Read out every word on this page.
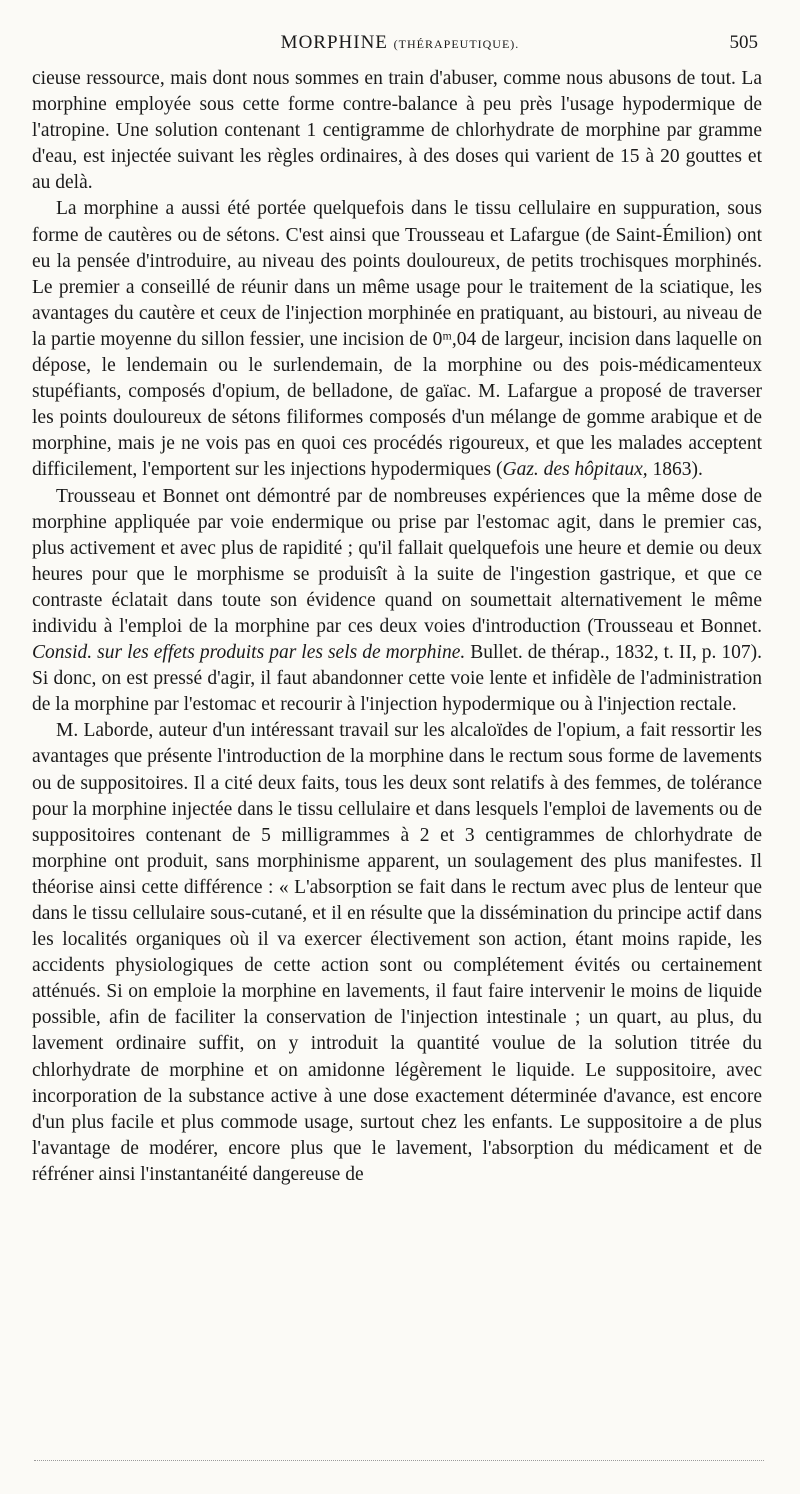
MORPHINE (THÉRAPEUTIQUE).	505

cieuse ressource, mais dont nous sommes en train d'abuser, comme nous abusons de tout. La morphine employée sous cette forme contre-balance à peu près l'usage hypodermique de l'atropine. Une solution contenant 1 centigramme de chlorhydrate de morphine par gramme d'eau, est injectée suivant les règles ordinaires, à des doses qui varient de 15 à 20 gouttes et au delà.

La morphine a aussi été portée quelquefois dans le tissu cellulaire en suppuration, sous forme de cautères ou de sétons. C'est ainsi que Trousseau et Lafargue (de Saint-Émilion) ont eu la pensée d'introduire, au niveau des points douloureux, de petits trochisques morphinés. Le premier a conseillé de réunir dans un même usage pour le traitement de la sciatique, les avantages du cautère et ceux de l'injection morphinée en pratiquant, au bistouri, au niveau de la partie moyenne du sillon fessier, une incision de 0ᵐ,04 de largeur, incision dans laquelle on dépose, le lendemain ou le surlendemain, de la morphine ou des pois-médicamenteux stupéfiants, composés d'opium, de belladone, de gaïac. M. Lafargue a proposé de traverser les points douloureux de sétons filiformes composés d'un mélange de gomme arabique et de morphine, mais je ne vois pas en quoi ces procédés rigoureux, et que les malades acceptent difficilement, l'emportent sur les injections hypodermiques (Gaz. des hôpitaux, 1863).

Trousseau et Bonnet ont démontré par de nombreuses expériences que la même dose de morphine appliquée par voie endermique ou prise par l'estomac agit, dans le premier cas, plus activement et avec plus de rapidité ; qu'il fallait quelquefois une heure et demie ou deux heures pour que le morphisme se produisît à la suite de l'ingestion gastrique, et que ce contraste éclatait dans toute son évidence quand on soumettait alternativement le même individu à l'emploi de la morphine par ces deux voies d'introduction (Trousseau et Bonnet. Consid. sur les effets produits par les sels de morphine. Bullet. de thérap., 1832, t. II, p. 107). Si donc, on est pressé d'agir, il faut abandonner cette voie lente et infidèle de l'administration de la morphine par l'estomac et recourir à l'injection hypodermique ou à l'injection rectale.

M. Laborde, auteur d'un intéressant travail sur les alcaloïdes de l'opium, a fait ressortir les avantages que présente l'introduction de la morphine dans le rectum sous forme de lavements ou de suppositoires. Il a cité deux faits, tous les deux sont relatifs à des femmes, de tolérance pour la morphine injectée dans le tissu cellulaire et dans lesquels l'emploi de lavements ou de suppositoires contenant de 5 milligrammes à 2 et 3 centigrammes de chlorhydrate de morphine ont produit, sans morphinisme apparent, un soulagement des plus manifestes. Il théorise ainsi cette différence : « L'absorption se fait dans le rectum avec plus de lenteur que dans le tissu cellulaire sous-cutané, et il en résulte que la dissémination du principe actif dans les localités organiques où il va exercer électivement son action, étant moins rapide, les accidents physiologiques de cette action sont ou complétement évités ou certainement atténués. Si on emploie la morphine en lavements, il faut faire intervenir le moins de liquide possible, afin de faciliter la conservation de l'injection intestinale ; un quart, au plus, du lavement ordinaire suffit, on y introduit la quantité voulue de la solution titrée du chlorhydrate de morphine et on amidonne légèrement le liquide. Le suppositoire, avec incorporation de la substance active à une dose exactement déterminée d'avance, est encore d'un plus facile et plus commode usage, surtout chez les enfants. Le suppositoire a de plus l'avantage de modérer, encore plus que le lavement, l'absorption du médicament et de réfréner ainsi l'instantanéité dangereuse de
